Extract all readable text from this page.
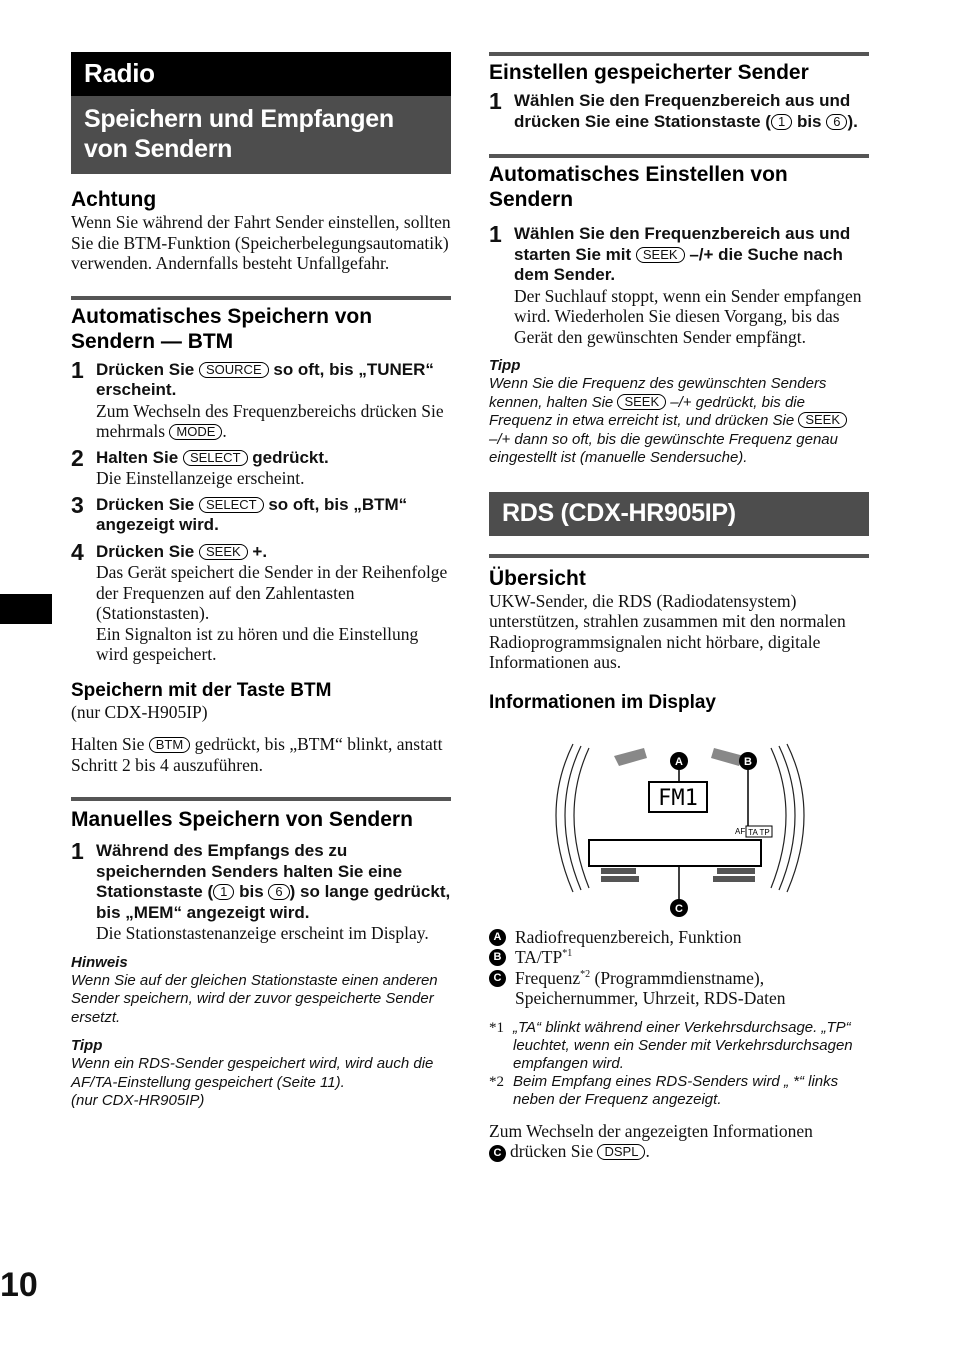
Radio
Speichern und Empfangen von Sendern
Achtung
Wenn Sie während der Fahrt Sender einstellen, sollten Sie die BTM-Funktion (Speicherbelegungsautomatik) verwenden. Andernfalls besteht Unfallgefahr.
Automatisches Speichern von Sendern — BTM
1 Drücken Sie SOURCE so oft, bis „TUNER“ erscheint.
Zum Wechseln des Frequenzbereichs drücken Sie mehrmals MODE .
2 Halten Sie SELECT gedrückt.
Die Einstellanzeige erscheint.
3 Drücken Sie SELECT so oft, bis „BTM“ angezeigt wird.
4 Drücken Sie SEEK +.
Das Gerät speichert die Sender in der Reihenfolge der Frequenzen auf den Zahlentasten (Stationstasten).
Ein Signalton ist zu hören und die Einstellung wird gespeichert.
Speichern mit der Taste BTM
(nur CDX-H905IP)
Halten Sie BTM gedrückt, bis „BTM“ blinkt, anstatt Schritt 2 bis 4 auszuführen.
Manuelles Speichern von Sendern
1 Während des Empfangs des zu speichernden Senders halten Sie eine Stationstaste ( 1 bis 6 ) so lange gedrückt, bis „MEM“ angezeigt wird.
Die Stationstastenanzeige erscheint im Display.
Hinweis
Wenn Sie auf der gleichen Stationstaste einen anderen Sender speichern, wird der zuvor gespeicherte Sender ersetzt.
Tipp
Wenn ein RDS-Sender gespeichert wird, wird auch die AF/TA-Einstellung gespeichert (Seite 11).
(nur CDX-HR905IP)
Einstellen gespeicherter Sender
1 Wählen Sie den Frequenzbereich aus und drücken Sie eine Stationstaste ( 1 bis 6 ).
Automatisches Einstellen von Sendern
1 Wählen Sie den Frequenzbereich aus und starten Sie mit SEEK –/+ die Suche nach dem Sender.
Der Suchlauf stoppt, wenn ein Sender empfangen wird. Wiederholen Sie diesen Vorgang, bis das Gerät den gewünschten Sender empfängt.
Tipp
Wenn Sie die Frequenz des gewünschten Senders kennen, halten Sie SEEK –/+ gedrückt, bis die Frequenz in etwa erreicht ist, und drücken Sie SEEK –/+ dann so oft, bis die gewünschte Frequenz genau eingestellt ist (manuelle Sendersuche).
RDS (CDX-HR905IP)
Übersicht
UKW-Sender, die RDS (Radiodatensystem) unterstützen, strahlen zusammen mit den normalen Radioprogrammsignalen nicht hörbare, digitale Informationen aus.
Informationen im Display
FM1
AF TA TP
A	B
C
A Radiofrequenzbereich, Funktion
B TA/TP$^{*1}$
C Frequenz$^{*2}$ (Programmdienstname), Speichernummer, Uhrzeit, RDS-Daten
*1 „TA“ blinkt während einer Verkehrsdurchsage. „TP“ leuchtet, wenn ein Sender mit Verkehrsdurchsagen empfangen wird.
*2 Beim Empfang eines RDS-Senders wird „ *“ links neben der Frequenz angezeigt.
Zum Wechseln der angezeigten Informationen
C drücken Sie DSPL .
10
